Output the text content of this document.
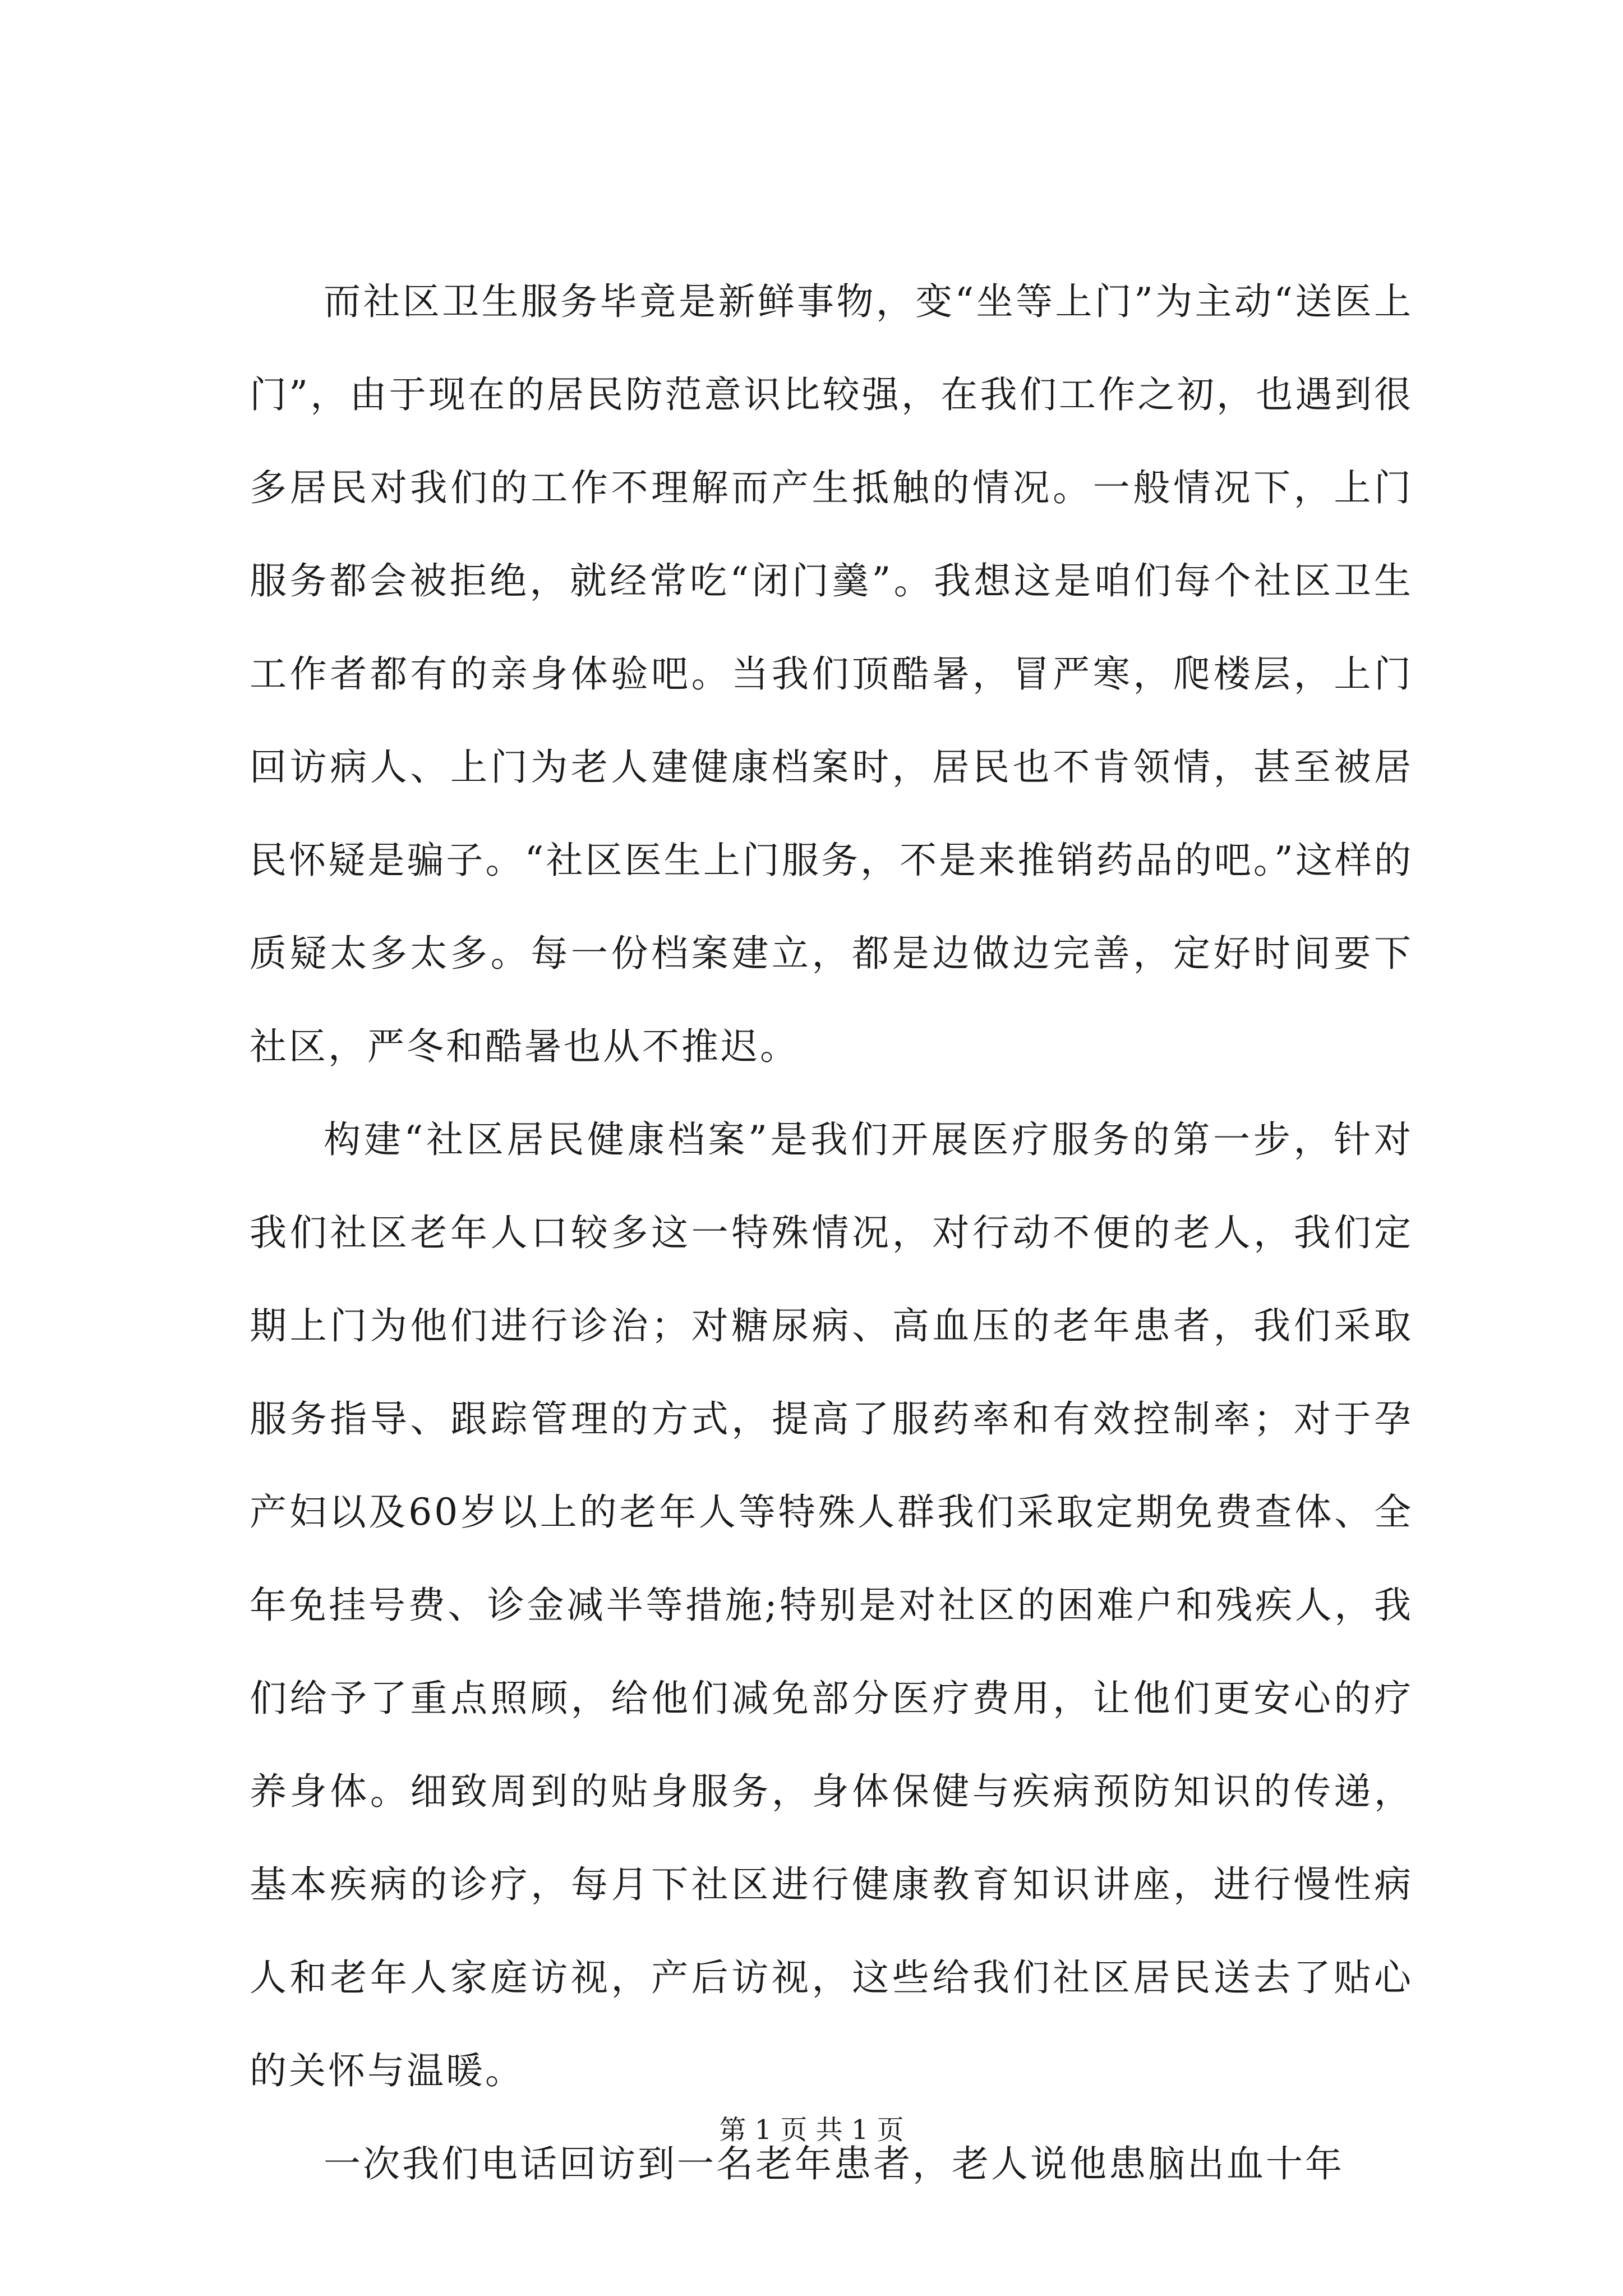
而社区卫生服务毕竟是新鲜事物，变“坐等上门”为主动“送医上门”，由于现在的居民防范意识比较强，在我们工作之初，也遇到很多居民对我们的工作不理解而产生抵触的情况。一般情况下，上门服务都会被拒绝，就经常吃“闭门羹”。我想这是咱们每个社区卫生工作者都有的亲身体验吧。当我们顶酷暑，冒严寒，爬楼层，上门回访病人、上门为老人建健康档案时，居民也不肯领情，甚至被居民怀疑是骗子。“社区医生上门服务，不是来推销药品的吧。”这样的质疑太多太多。每一份档案建立，都是边做边完善，定好时间要下社区，严冬和酷暑也从不推迟。

构建“社区居民健康档案”是我们开展医疗服务的第一步，针对我们社区老年人口较多这一特殊情况，对行动不便的老人，我们定期上门为他们进行诊治；对糖尿病、高血压的老年患者，我们采取服务指导、跟踪管理的方式，提高了服药率和有效控制率；对于孕产妇以及60岁以上的老年人等特殊人群我们采取定期免费查体、全年免挂号费、诊金减半等措施;特别是对社区的困难户和残疾人，我们给予了重点照顾，给他们减免部分医疗费用，让他们更安心的疗养身体。细致周到的贴身服务，身体保健与疾病预防知识的传递，基本疾病的诊疗，每月下社区进行健康教育知识讲座，进行慢性病人和老年人家庭访视，产后访视，这些给我们社区居民送去了贴心的关怀与温暖。

一次我们电话回访到一名老年患者，老人说他患脑出血十年

第 1 页 共 1 页
